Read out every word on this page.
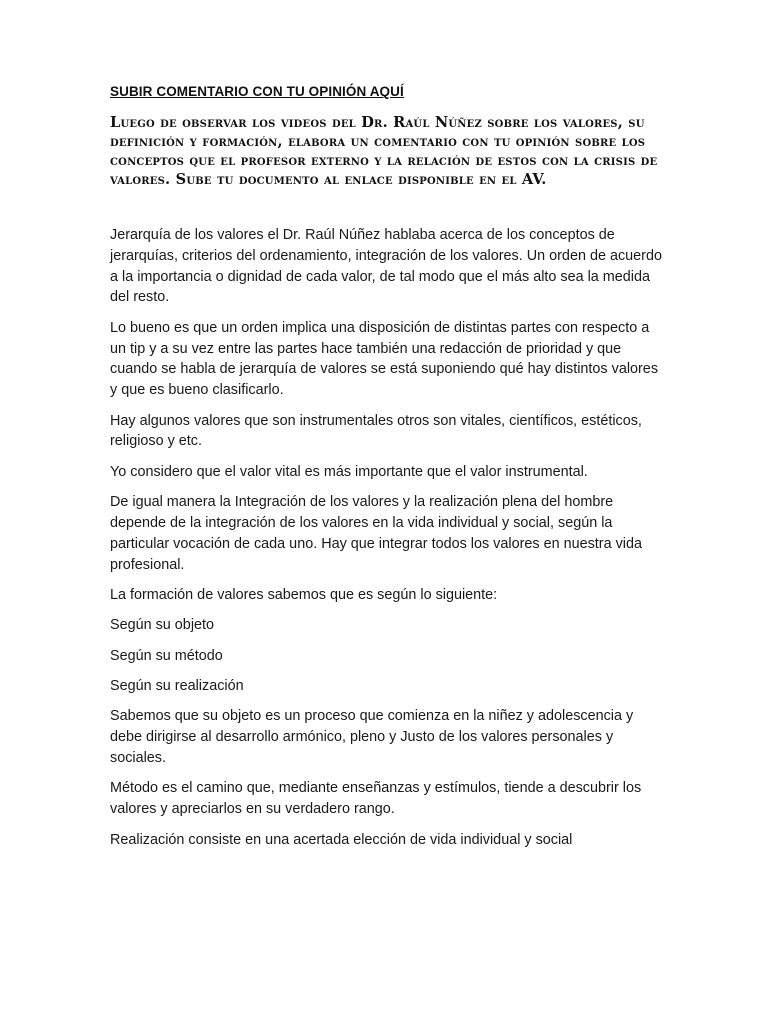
SUBIR COMENTARIO CON TU OPINIÓN AQUÍ
Luego de observar los videos del Dr. Raúl Núñez sobre los valores, su definición y formación, elabora un comentario con tu opinión sobre los conceptos que el profesor externo y la relación de estos con la crisis de valores. Sube tu documento al enlace disponible en el AV.

Jerarquía de los valores el Dr. Raúl Núñez hablaba acerca de los conceptos de jerarquías, criterios del ordenamiento, integración de los valores. Un orden de acuerdo a la importancia o dignidad de cada valor, de tal modo que el más alto sea la medida del resto.

Lo bueno es que un orden implica una disposición de distintas partes con respecto a un tip y a su vez entre las partes hace también una redacción de prioridad y que cuando se habla de jerarquía de valores se está suponiendo qué hay distintos valores y que es bueno clasificarlo.

Hay algunos valores que son instrumentales otros son vitales, científicos, estéticos, religioso y etc.

Yo considero que el valor vital es más importante que el valor instrumental.

De igual manera la Integración de los valores y la realización plena del hombre depende de la integración de los valores en la vida individual y social, según la particular vocación de cada uno. Hay que integrar todos los valores en nuestra vida profesional.

La formación de valores sabemos que es según lo siguiente:

Según su objeto

Según su método

Según su realización

Sabemos que su objeto es un proceso que comienza en la niñez y adolescencia y debe dirigirse al desarrollo armónico, pleno y Justo de los valores personales y sociales.

Método es el camino que, mediante enseñanzas y estímulos, tiende a descubrir los valores y apreciarlos en su verdadero rango.

Realización consiste en una acertada elección de vida individual y social
